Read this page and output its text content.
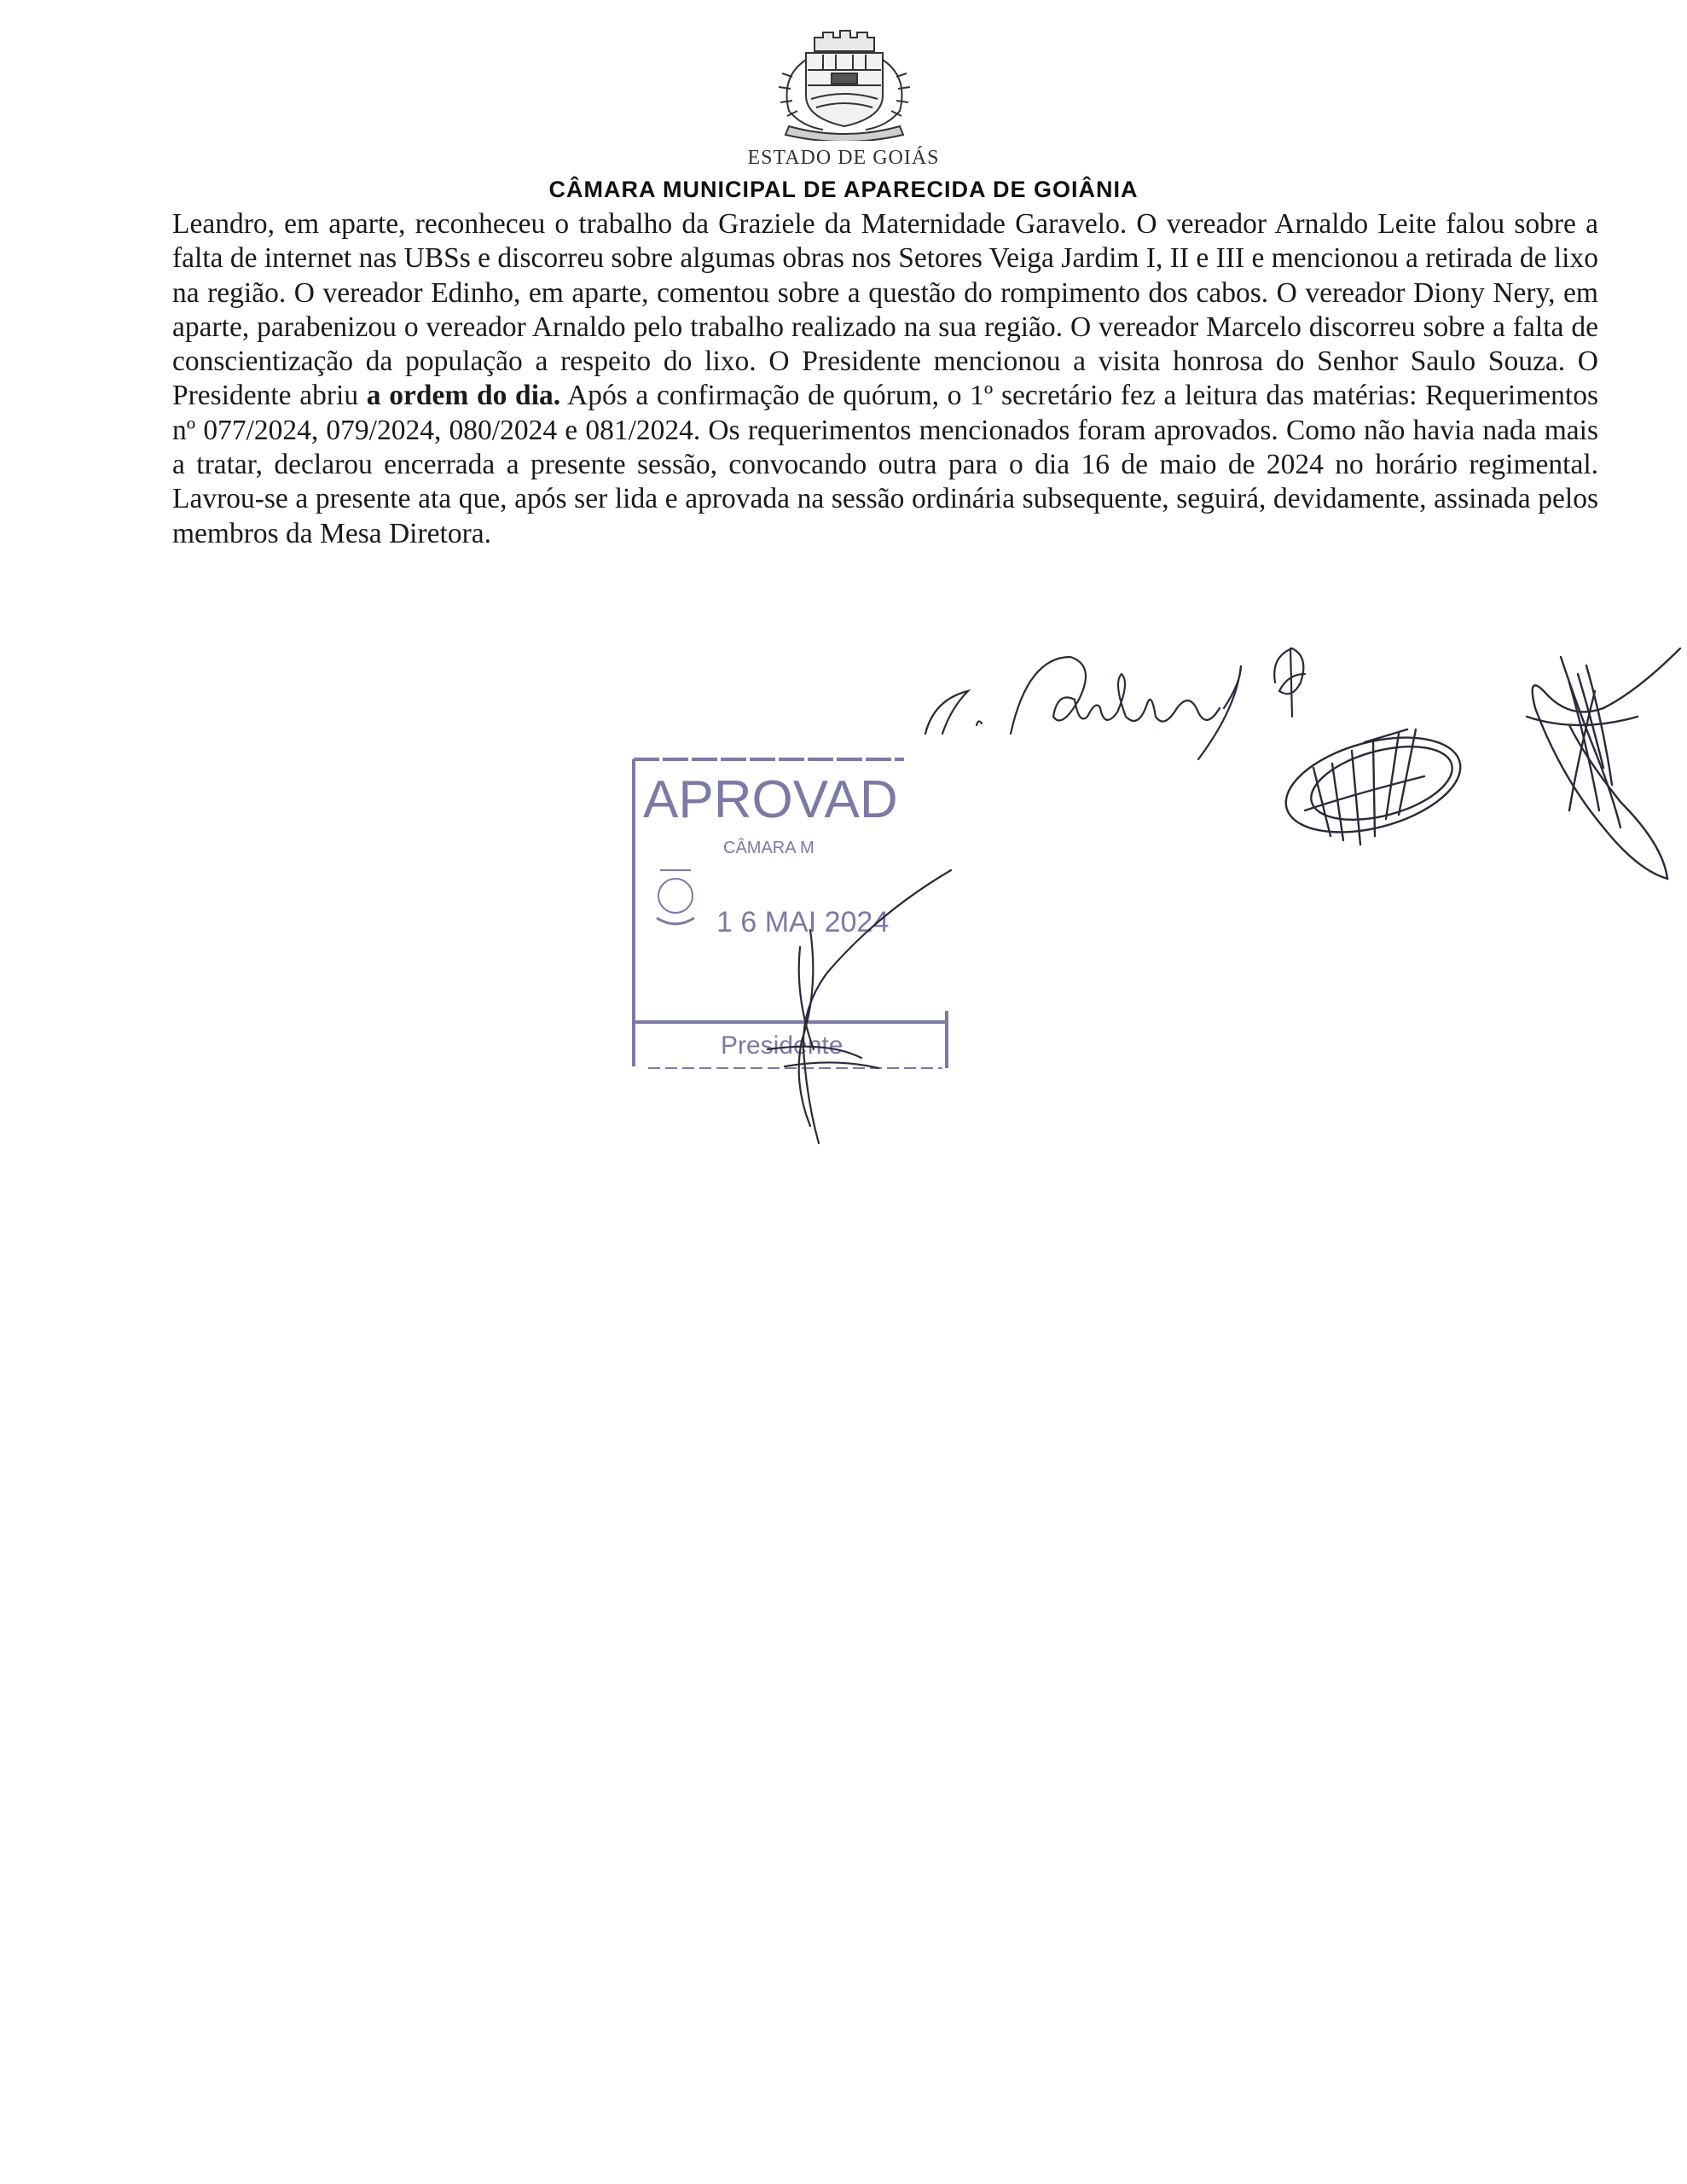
ESTADO DE GOIÁS
CÂMARA MUNICIPAL DE APARECIDA DE GOIÂNIA

Leandro, em aparte, reconheceu o trabalho da Graziele da Maternidade Garavelo. O vereador Arnaldo Leite falou sobre a falta de internet nas UBSs e discorreu sobre algumas obras nos Setores Veiga Jardim I, II e III e mencionou a retirada de lixo na região. O vereador Edinho, em aparte, comentou sobre a questão do rompimento dos cabos. O vereador Diony Nery, em aparte, parabenizou o vereador Arnaldo pelo trabalho realizado na sua região. O vereador Marcelo discorreu sobre a falta de conscientização da população a respeito do lixo. O Presidente mencionou a visita honrosa do Senhor Saulo Souza. O Presidente abriu a ordem do dia. Após a confirmação de quórum, o 1º secretário fez a leitura das matérias: Requerimentos nº 077/2024, 079/2024, 080/2024 e 081/2024. Os requerimentos mencionados foram aprovados. Como não havia nada mais a tratar, declarou encerrada a presente sessão, convocando outra para o dia 16 de maio de 2024 no horário regimental. Lavrou-se a presente ata que, após ser lida e aprovada na sessão ordinária subsequente, seguirá, devidamente, assinada pelos membros da Mesa Diretora.

APROVAD
CÂMARA M
1 6 MAI 2024
Presidente
